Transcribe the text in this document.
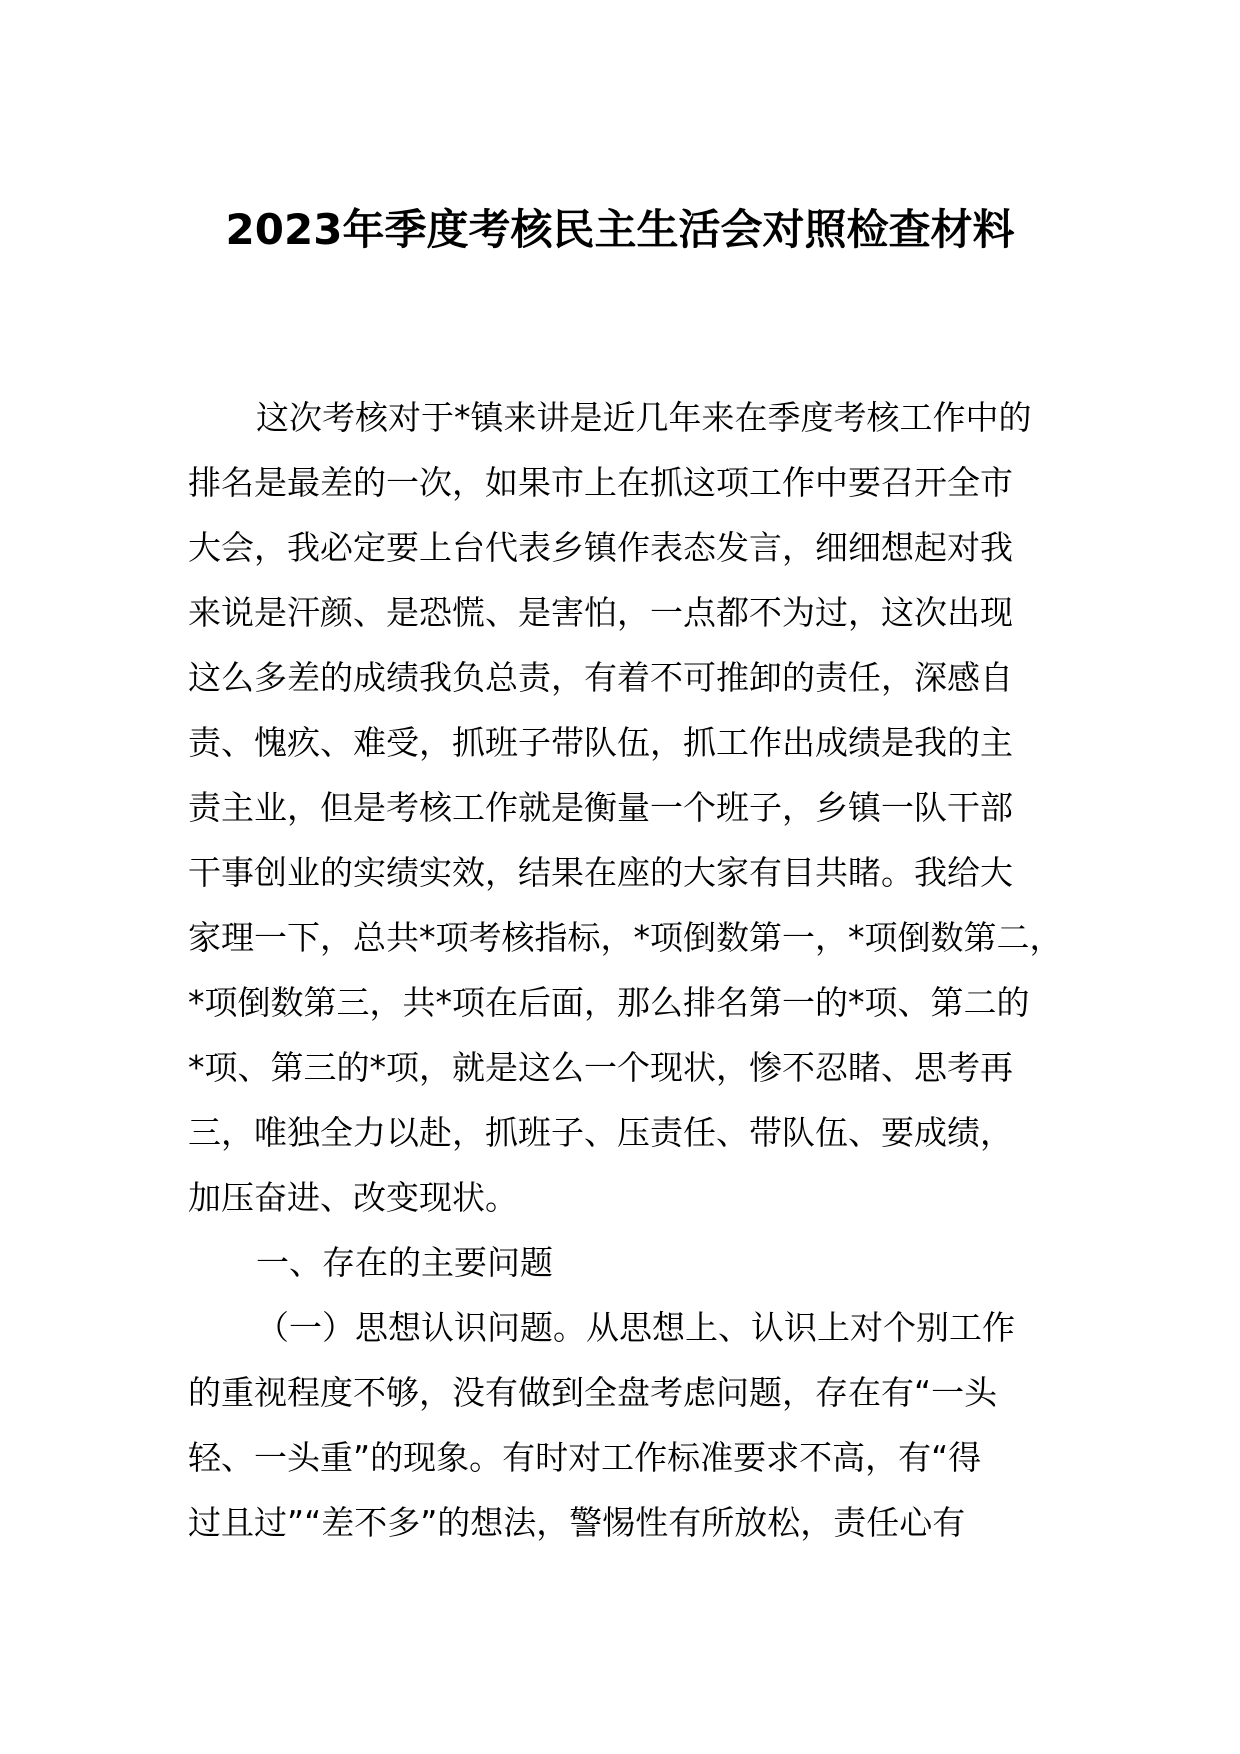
2023年季度考核民主生活会对照检查材料
这次考核对于*镇来讲是近几年来在季度考核工作中的
排名是最差的一次，如果市上在抓这项工作中要召开全市
大会，我必定要上台代表乡镇作表态发言，细细想起对我
来说是汗颜、是恐慌、是害怕，一点都不为过，这次出现
这么多差的成绩我负总责，有着不可推卸的责任，深感自
责、愧疚、难受，抓班子带队伍，抓工作出成绩是我的主
责主业，但是考核工作就是衡量一个班子，乡镇一队干部
干事创业的实绩实效，结果在座的大家有目共睹。我给大
家理一下，总共*项考核指标，*项倒数第一，*项倒数第二，
*项倒数第三，共*项在后面，那么排名第一的*项、第二的
*项、第三的*项，就是这么一个现状，惨不忍睹、思考再
三，唯独全力以赴，抓班子、压责任、带队伍、要成绩，
加压奋进、改变现状。
一、存在的主要问题
（一）思想认识问题。从思想上、认识上对个别工作
的重视程度不够，没有做到全盘考虑问题，存在有“一头
轻、一头重”的现象。有时对工作标准要求不高，有“得
过且过”“差不多”的想法，警惕性有所放松，责任心有
